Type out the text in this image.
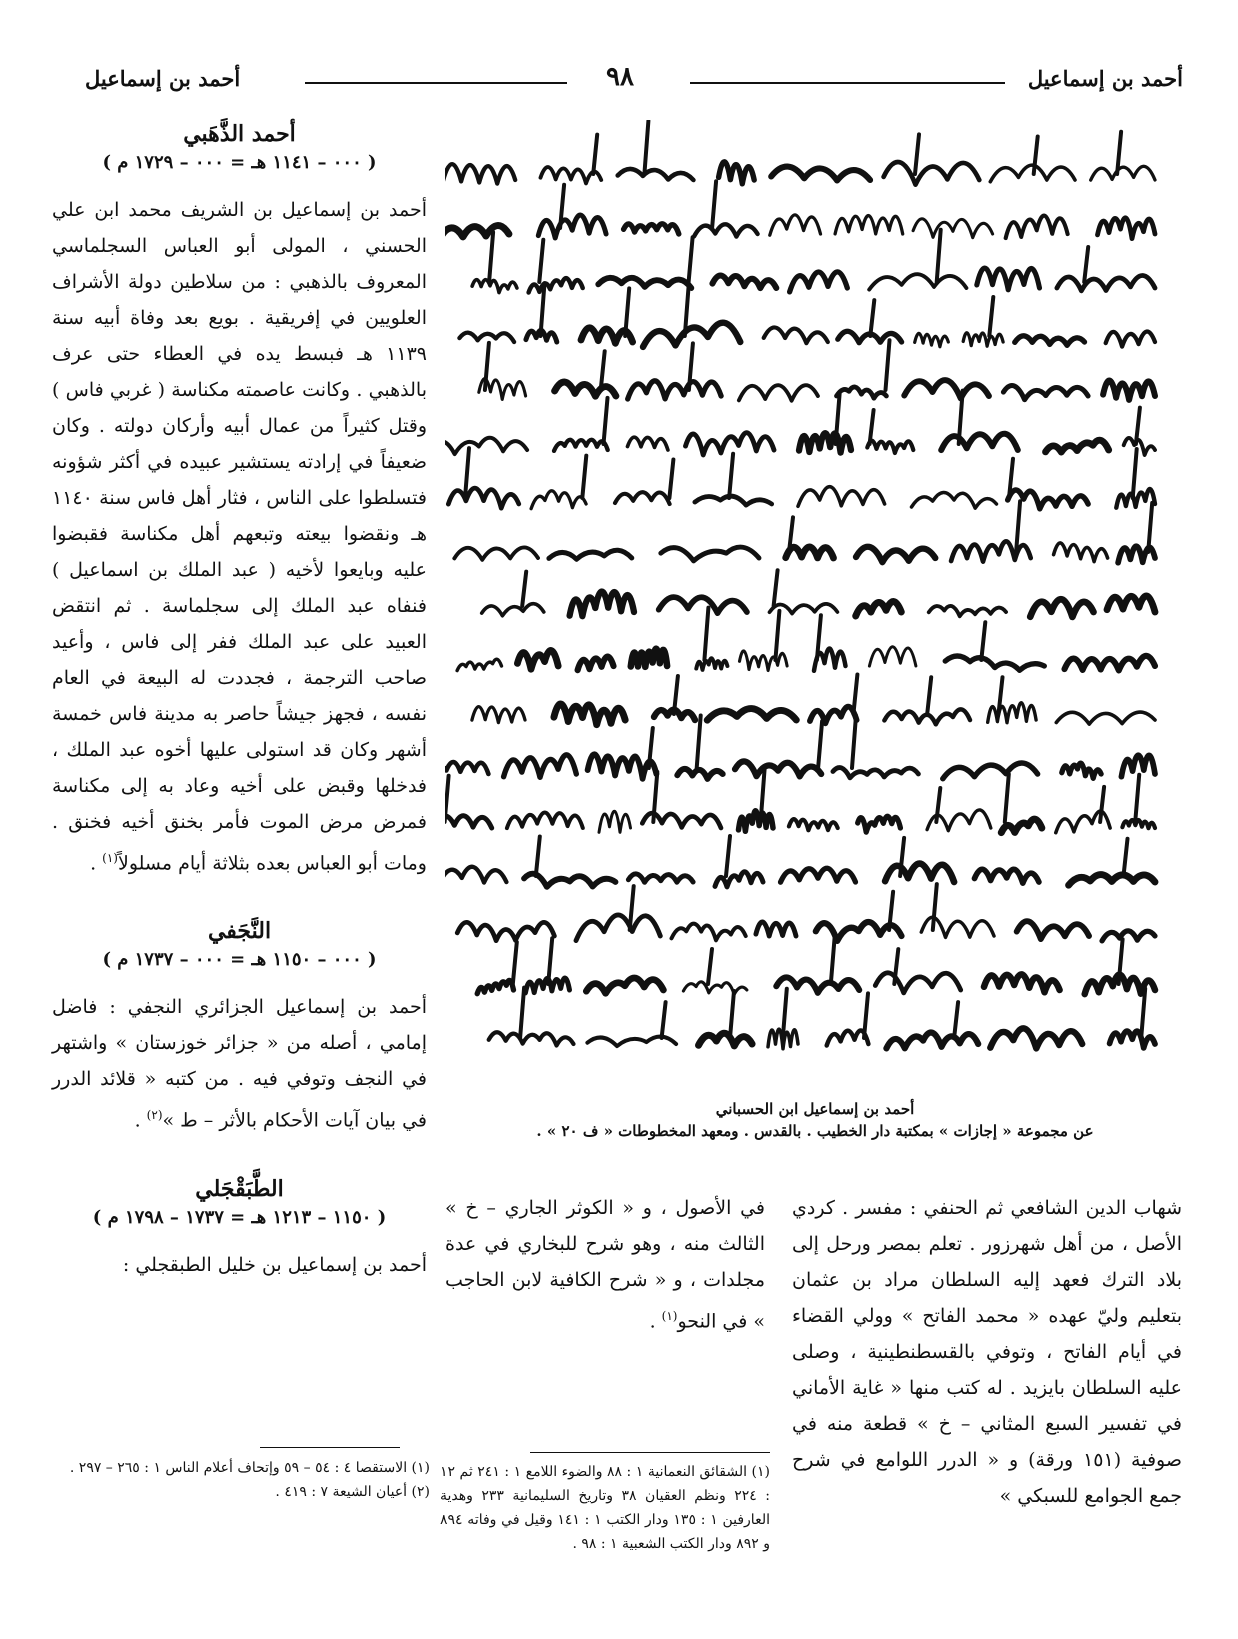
أحمد بن إسماعيل
٩٨
أحمد بن إسماعيل

أحمد الذَّهَبي

( ٠٠٠ – ١١٤١ هـ = ٠٠٠ – ١٧٢٩ م )

أحمد بن إسماعيل بن الشريف محمد ابن علي الحسني ، المولى أبو العباس السجلماسي المعروف بالذهبي : من سلاطين دولة الأشراف العلويين في إفريقية . بويع بعد وفاة أبيه سنة ١١٣٩ هـ فبسط يده في العطاء حتى عرف بالذهبي . وكانت عاصمته مكناسة ( غربي فاس ) وقتل كثيراً من عمال أبيه وأركان دولته . وكان ضعيفاً في إرادته يستشير عبيده في أكثر شؤونه فتسلطوا على الناس ، فثار أهل فاس سنة ١١٤٠ هـ ونقضوا بيعته وتبعهم أهل مكناسة فقبضوا عليه وبايعوا لأخيه ( عبد الملك بن اسماعيل ) فنفاه عبد الملك إلى سجلماسة . ثم انتقض العبيد على عبد الملك ففر إلى فاس ، وأعيد صاحب الترجمة ، فجددت له البيعة في العام نفسه ، فجهز جيشاً حاصر به مدينة فاس خمسة أشهر وكان قد استولى عليها أخوه عبد الملك ، فدخلها وقبض على أخيه وعاد به إلى مكناسة فمرض مرض الموت فأمر بخنق أخيه فخنق . ومات أبو العباس بعده بثلاثة أيام مسلولاً$^{(١)}$ .

النَّجَفي

( ٠٠٠ – ١١٥٠ هـ = ٠٠٠ – ١٧٣٧ م )

أحمد بن إسماعيل الجزائري النجفي : فاضل إمامي ، أصله من « جزائر خوزستان » واشتهر في النجف وتوفي فيه . من كتبه « قلائد الدرر في بيان آيات الأحكام بالأثر – ط »$^{(٢)}$ .

الطَّبَقْجَلي

( ١١٥٠ – ١٢١٣ هـ = ١٧٣٧ – ١٧٩٨ م )

أحمد بن إسماعيل بن خليل الطبقجلي :

(١) الاستقصا ٤ : ٥٤ – ٥٩ وإتحاف أعلام الناس ١ : ٢٦٥ – ٢٩٧ .
(٢) أعيان الشيعة ٧ : ٤١٩ .
أحمد بن إسماعيل ابن الحسباني
عن مجموعة « إجازات » بمكتبة دار الخطيب . بالقدس . ومعهد المخطوطات « ف ٢٠ » .
شهاب الدين الشافعي ثم الحنفي : مفسر . كردي الأصل ، من أهل شهرزور . تعلم بمصر ورحل إلى بلاد الترك فعهد إليه السلطان مراد بن عثمان بتعليم وليّ عهده « محمد الفاتح » وولي القضاء في أيام الفاتح ، وتوفي بالقسطنطينية ، وصلى عليه السلطان بايزيد . له كتب منها « غاية الأماني في تفسير السبع المثاني – خ » قطعة منه في صوفية (١٥١ ورقة) و « الدرر اللوامع في شرح جمع الجوامع للسبكي »
في الأصول ، و « الكوثر الجاري – خ » الثالث منه ، وهو شرح للبخاري في عدة مجلدات ، و « شرح الكافية لابن الحاجب » في النحو$^{(١)}$ .
(١) الشقائق النعمانية ١ : ٨٨ والضوء اللامع ١ : ٢٤١ ثم ١٢ : ٢٢٤ ونظم العقيان ٣٨ وتاريخ السليمانية ٢٣٣ وهدية العارفين ١ : ١٣٥ ودار الكتب ١ : ١٤١ وقيل في وفاته ٨٩٤ و ٨٩٢ ودار الكتب الشعبية ١ : ٩٨ .
